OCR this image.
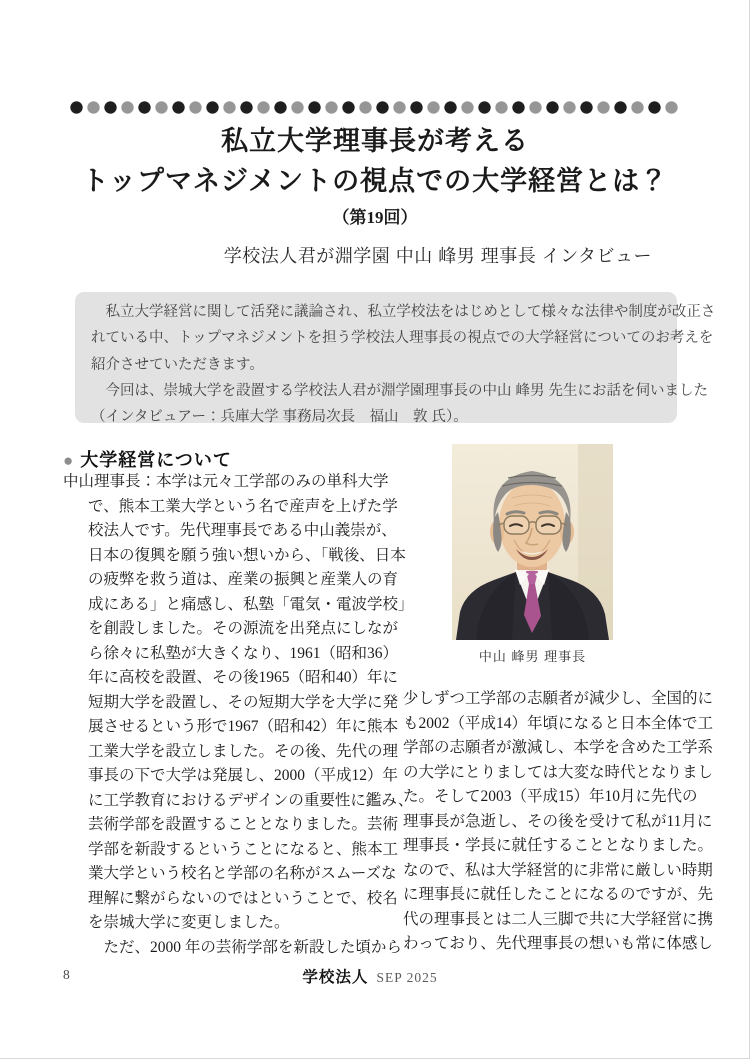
私立大学理事長が考える
トップマネジメントの視点での大学経営とは？
（第19回）
学校法人君が淵学園 中山 峰男 理事長 インタビュー
　私立大学経営に関して活発に議論され、私立学校法をはじめとして様々な法律や制度が改正さ
れている中、トップマネジメントを担う学校法人理事長の視点での大学経営についてのお考えを
紹介させていただきます。
　今回は、崇城大学を設置する学校法人君が淵学園理事長の中山 峰男 先生にお話を伺いました
（インタビュアー：兵庫大学 事務局次長　福山　敦 氏）。
● 大学経営について
中山理事長：本学は元々工学部のみの単科大学
で、熊本工業大学という名で産声を上げた学
校法人です。先代理事長である中山義崇が、
日本の復興を願う強い想いから、「戦後、日本
の疲弊を救う道は、産業の振興と産業人の育
成にある」と痛感し、私塾「電気・電波学校」
を創設しました。その源流を出発点にしなが
ら徐々に私塾が大きくなり、1961（昭和36）
年に高校を設置、その後1965（昭和40）年に
短期大学を設置し、その短期大学を大学に発
展させるという形で1967（昭和42）年に熊本
工業大学を設立しました。その後、先代の理
事長の下で大学は発展し、2000（平成12）年
に工学教育におけるデザインの重要性に鑑み、
芸術学部を設置することとなりました。芸術
学部を新設するということになると、熊本工
業大学という校名と学部の名称がスムーズな
理解に繋がらないのではということで、校名
を崇城大学に変更しました。
　ただ、2000 年の芸術学部を新設した頃から
少しずつ工学部の志願者が減少し、全国的に
も2002（平成14）年頃になると日本全体で工
学部の志願者が激減し、本学を含めた工学系
の大学にとりましては大変な時代となりまし
た。そして2003（平成15）年10月に先代の
理事長が急逝し、その後を受けて私が11月に
理事長・学長に就任することとなりました。
なので、私は大学経営的に非常に厳しい時期
に理事長に就任したことになるのですが、先
代の理事長とは二人三脚で共に大学経営に携
わっており、先代理事長の想いも常に体感し
中山 峰男 理事長
8	学校法人 SEP 2025
